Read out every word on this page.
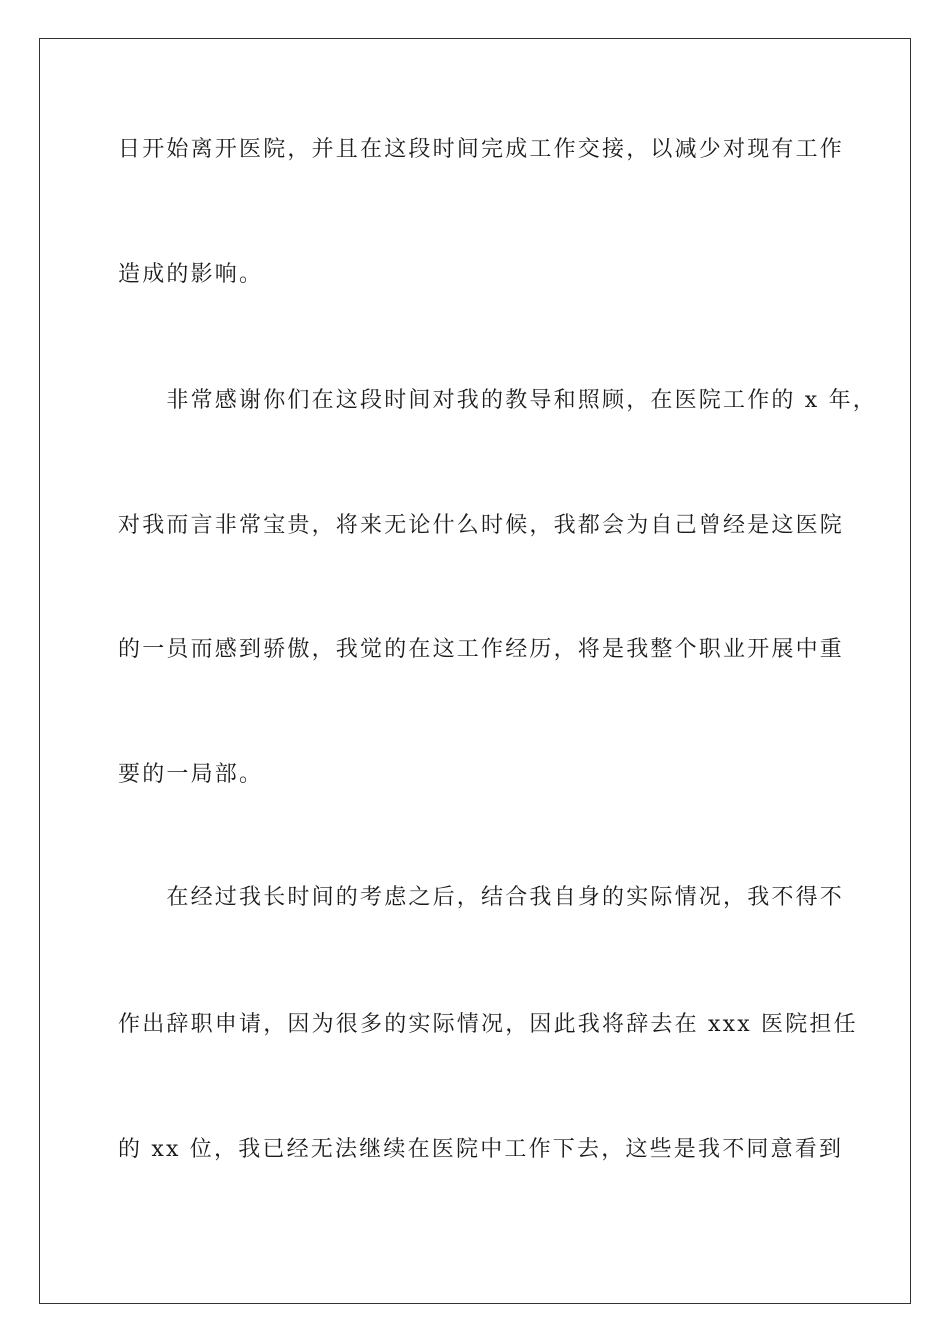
日开始离开医院，并且在这段时间完成工作交接，以减少对现有工作
造成的影响。
　　非常感谢你们在这段时间对我的教导和照顾，在医院工作的 x 年，
对我而言非常宝贵，将来无论什么时候，我都会为自己曾经是这医院
的一员而感到骄傲，我觉的在这工作经历，将是我整个职业开展中重
要的一局部。
　　在经过我长时间的考虑之后，结合我自身的实际情况，我不得不
作出辞职申请，因为很多的实际情况，因此我将辞去在 xxx 医院担任
的 xx 位，我已经无法继续在医院中工作下去，这些是我不同意看到
